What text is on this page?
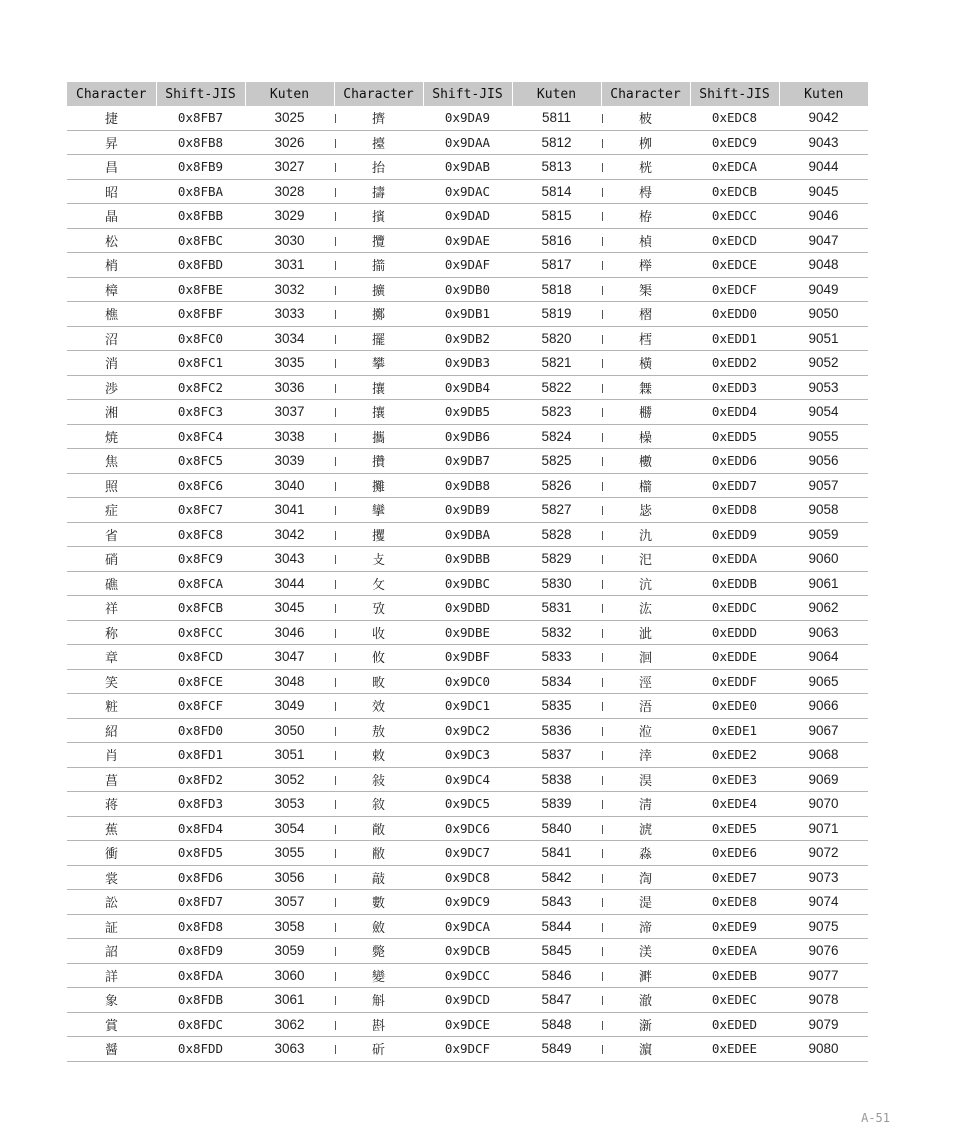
Character	Shift-JIS	Kuten	Character	Shift-JIS	Kuten	Character	Shift-JIS	Kuten
捷	0x8FB7	3025	擠	0x9DA9	5811	柀	0xEDC8	9042
昇	0x8FB8	3026	擡	0x9DAA	5812	栁	0xEDC9	9043
昌	0x8FB9	3027	抬	0x9DAB	5813	桄	0xEDCA	9044
昭	0x8FBA	3028	擣	0x9DAC	5814	棏	0xEDCB	9045
晶	0x8FBB	3029	擯	0x9DAD	5815	栫	0xEDCC	9046
松	0x8FBC	3030	攬	0x9DAE	5816	楨	0xEDCD	9047
梢	0x8FBD	3031	擶	0x9DAF	5817	榉	0xEDCE	9048
樟	0x8FBE	3032	擴	0x9DB0	5818	榘	0xEDCF	9049
樵	0x8FBF	3033	擲	0x9DB1	5819	槢	0xEDD0	9050
沼	0x8FC0	3034	擺	0x9DB2	5820	樰	0xEDD1	9051
消	0x8FC1	3035	攀	0x9DB3	5821	橫	0xEDD2	9052
渉	0x8FC2	3036	攘	0x9DB4	5822	橆	0xEDD3	9053
湘	0x8FC3	3037	攘	0x9DB5	5823	橳	0xEDD4	9054
焼	0x8FC4	3038	攜	0x9DB6	5824	橾	0xEDD5	9055
焦	0x8FC5	3039	攢	0x9DB7	5825	櫢	0xEDD6	9056
照	0x8FC6	3040	攤	0x9DB8	5826	櫤	0xEDD7	9057
症	0x8FC7	3041	攣	0x9DB9	5827	毖	0xEDD8	9058
省	0x8FC8	3042	攫	0x9DBA	5828	氿	0xEDD9	9059
硝	0x8FC9	3043	攴	0x9DBB	5829	汜	0xEDDA	9060
礁	0x8FCA	3044	攵	0x9DBC	5830	沆	0xEDDB	9061
祥	0x8FCB	3045	攷	0x9DBD	5831	汯	0xEDDC	9062
称	0x8FCC	3046	收	0x9DBE	5832	泚	0xEDDD	9063
章	0x8FCD	3047	攸	0x9DBF	5833	洄	0xEDDE	9064
笑	0x8FCE	3048	畋	0x9DC0	5834	涇	0xEDDF	9065
粧	0x8FCF	3049	效	0x9DC1	5835	浯	0xEDE0	9066
紹	0x8FD0	3050	敖	0x9DC2	5836	涖	0xEDE1	9067
肖	0x8FD1	3051	敕	0x9DC3	5837	涬	0xEDE2	9068
菖	0x8FD2	3052	敍	0x9DC4	5838	淏	0xEDE3	9069
蒋	0x8FD3	3053	敘	0x9DC5	5839	淸	0xEDE4	9070
蕉	0x8FD4	3054	敞	0x9DC6	5840	淲	0xEDE5	9071
衝	0x8FD5	3055	敝	0x9DC7	5841	淼	0xEDE6	9072
裳	0x8FD6	3056	敲	0x9DC8	5842	渹	0xEDE7	9073
訟	0x8FD7	3057	數	0x9DC9	5843	湜	0xEDE8	9074
証	0x8FD8	3058	斂	0x9DCA	5844	渧	0xEDE9	9075
詔	0x8FD9	3059	斃	0x9DCB	5845	渼	0xEDEA	9076
詳	0x8FDA	3060	變	0x9DCC	5846	溿	0xEDEB	9077
象	0x8FDB	3061	斛	0x9DCD	5847	澈	0xEDEC	9078
賞	0x8FDC	3062	斟	0x9DCE	5848	澵	0xEDED	9079
醤	0x8FDD	3063	斫	0x9DCF	5849	濵	0xEDEE	9080
A-51
